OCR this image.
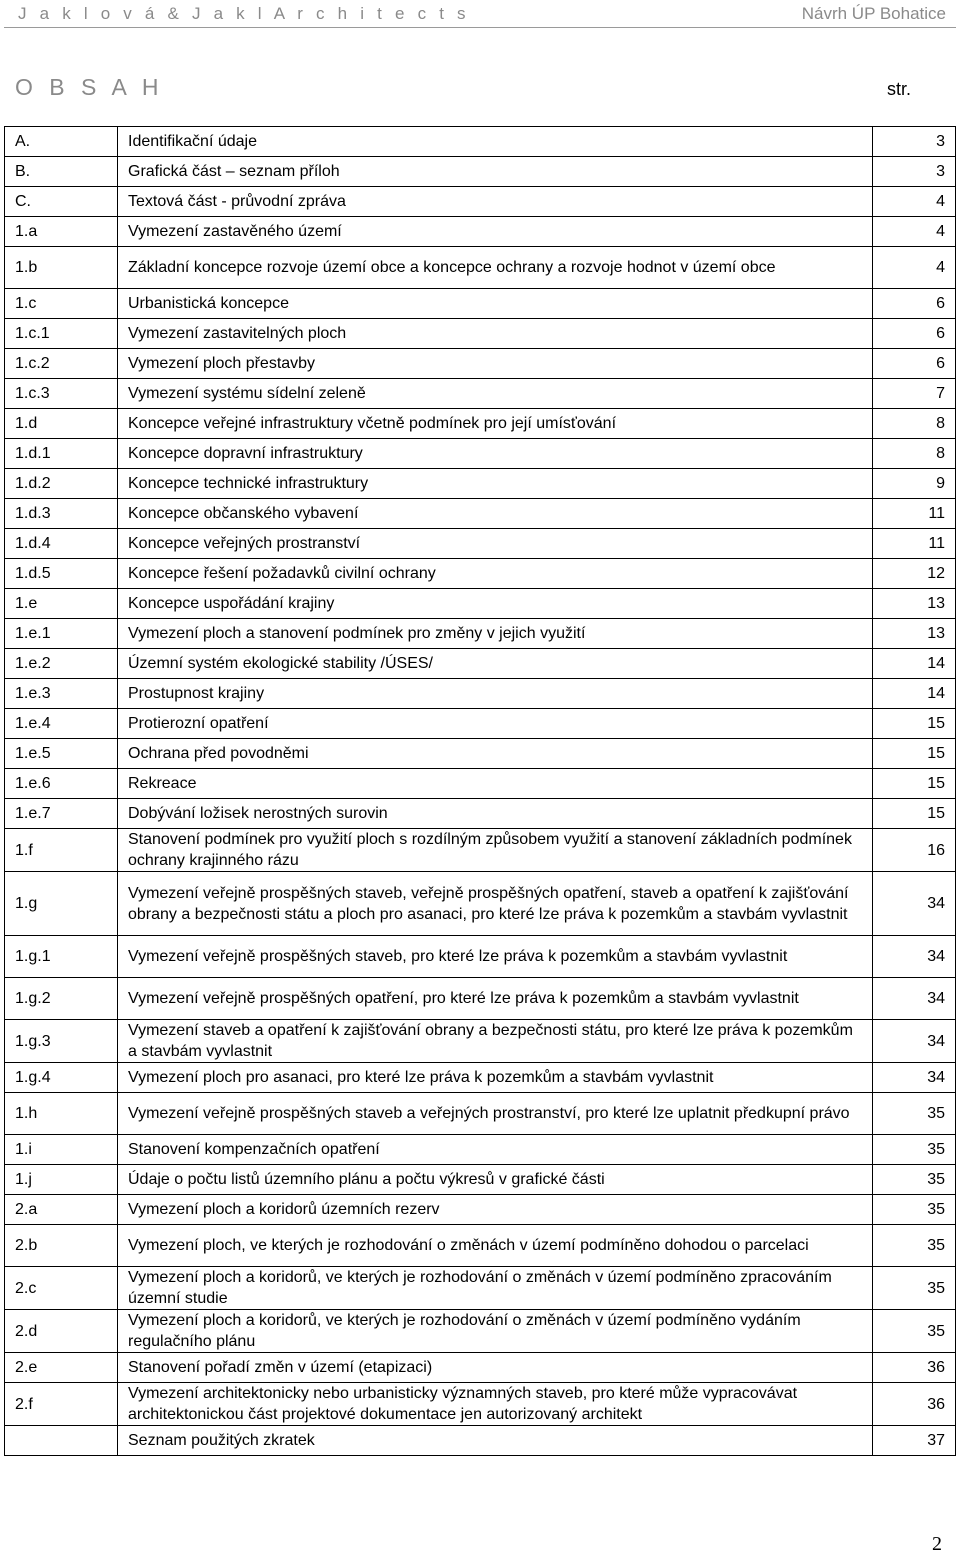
J a k l o v á & J a k l A r c h i t e c t s	Návrh ÚP Bohatice
O B S A H	str.
A.	Identifikační údaje	3
B.	Grafická část – seznam příloh	3
C.	Textová část - průvodní zpráva	4
1.a	Vymezení zastavěného území	4
1.b	Základní koncepce rozvoje území obce a koncepce ochrany a rozvoje hodnot v území obce	4
1.c	Urbanistická koncepce	6
1.c.1	Vymezení zastavitelných ploch	6
1.c.2	Vymezení ploch přestavby	6
1.c.3	Vymezení systému sídelní zeleně	7
1.d	Koncepce veřejné infrastruktury včetně podmínek pro její umísťování	8
1.d.1	Koncepce dopravní infrastruktury	8
1.d.2	Koncepce technické infrastruktury	9
1.d.3	Koncepce občanského vybavení	11
1.d.4	Koncepce veřejných prostranství	11
1.d.5	Koncepce řešení požadavků civilní ochrany	12
1.e	Koncepce uspořádání krajiny	13
1.e.1	Vymezení ploch a stanovení podmínek pro změny v jejich využití	13
1.e.2	Územní systém ekologické stability /ÚSES/	14
1.e.3	Prostupnost krajiny	14
1.e.4	Protierozní opatření	15
1.e.5	Ochrana před povodněmi	15
1.e.6	Rekreace	15
1.e.7	Dobývání ložisek nerostných surovin	15
1.f	Stanovení podmínek pro využití ploch s rozdílným způsobem využití a stanovení základních podmínek ochrany krajinného rázu	16
1.g	Vymezení veřejně prospěšných staveb, veřejně prospěšných opatření, staveb a opatření k zajišťování obrany a bezpečnosti státu a ploch pro asanaci, pro které lze práva k pozemkům a stavbám vyvlastnit	34
1.g.1	Vymezení veřejně prospěšných staveb, pro které lze práva k pozemkům a stavbám vyvlastnit	34
1.g.2	Vymezení veřejně prospěšných opatření, pro které lze práva k pozemkům a stavbám vyvlastnit	34
1.g.3	Vymezení staveb a opatření k zajišťování obrany a bezpečnosti státu, pro které lze práva k pozemkům a stavbám vyvlastnit	34
1.g.4	Vymezení ploch pro asanaci, pro které lze práva k pozemkům a stavbám vyvlastnit	34
1.h	Vymezení veřejně prospěšných staveb a veřejných prostranství, pro které lze uplatnit předkupní právo	35
1.i	Stanovení kompenzačních opatření	35
1.j	Údaje o počtu listů územního plánu a počtu výkresů v grafické části	35
2.a	Vymezení ploch a koridorů územních rezerv	35
2.b	Vymezení ploch, ve kterých je rozhodování o změnách v území podmíněno dohodou o parcelaci	35
2.c	Vymezení ploch a koridorů, ve kterých je rozhodování o změnách v území podmíněno zpracováním územní studie	35
2.d	Vymezení ploch a koridorů, ve kterých je rozhodování o změnách v území podmíněno vydáním regulačního plánu	35
2.e	Stanovení pořadí změn v území (etapizaci)	36
2.f	Vymezení architektonicky nebo urbanisticky významných staveb, pro které může vypracovávat architektonickou část projektové dokumentace jen autorizovaný architekt	36
	Seznam použitých zkratek	37
2
